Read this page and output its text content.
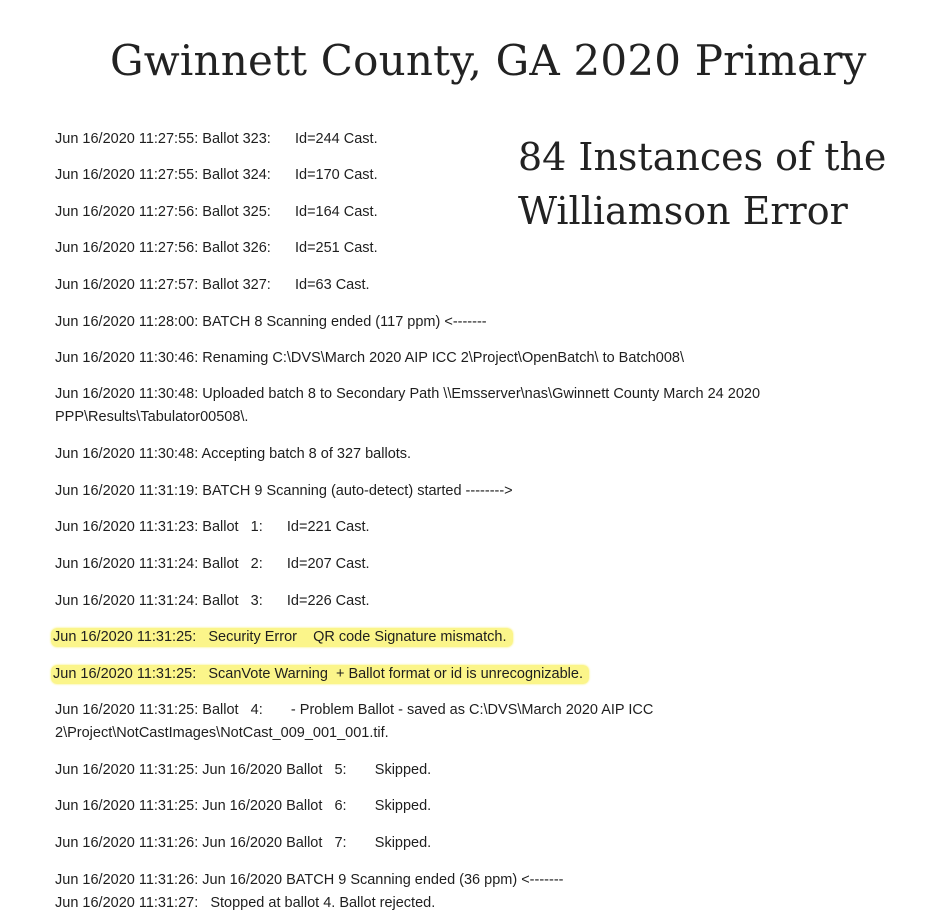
Gwinnett County, GA 2020 Primary
84 Instances of the
Williamson Error
Jun 16/2020 11:27:55: Ballot 323:      Id=244 Cast.
Jun 16/2020 11:27:55: Ballot 324:      Id=170 Cast.
Jun 16/2020 11:27:56: Ballot 325:      Id=164 Cast.
Jun 16/2020 11:27:56: Ballot 326:      Id=251 Cast.
Jun 16/2020 11:27:57: Ballot 327:      Id=63 Cast.
Jun 16/2020 11:28:00: BATCH 8 Scanning ended (117 ppm) <-------
Jun 16/2020 11:30:46: Renaming C:\DVS\March 2020 AIP ICC 2\Project\OpenBatch\ to Batch008\
Jun 16/2020 11:30:48: Uploaded batch 8 to Secondary Path \\Emsserver\nas\Gwinnett County March 24 2020 PPP\Results\Tabulator00508\.
Jun 16/2020 11:30:48: Accepting batch 8 of 327 ballots.
Jun 16/2020 11:31:19: BATCH 9 Scanning (auto-detect) started -------->
Jun 16/2020 11:31:23: Ballot   1:      Id=221 Cast.
Jun 16/2020 11:31:24: Ballot   2:      Id=207 Cast.
Jun 16/2020 11:31:24: Ballot   3:      Id=226 Cast.
Jun 16/2020 11:31:25:   Security Error    QR code Signature mismatch.
Jun 16/2020 11:31:25:   ScanVote Warning  + Ballot format or id is unrecognizable.
Jun 16/2020 11:31:25: Ballot   4:       - Problem Ballot - saved as C:\DVS\March 2020 AIP ICC 2\Project\NotCastImages\NotCast_009_001_001.tif.
Jun 16/2020 11:31:25: Jun 16/2020 Ballot   5:       Skipped.
Jun 16/2020 11:31:25: Jun 16/2020 Ballot   6:       Skipped.
Jun 16/2020 11:31:26: Jun 16/2020 Ballot   7:       Skipped.
Jun 16/2020 11:31:26: Jun 16/2020 BATCH 9 Scanning ended (36 ppm) <-------
Jun 16/2020 11:31:27:   Stopped at ballot 4. Ballot rejected.
